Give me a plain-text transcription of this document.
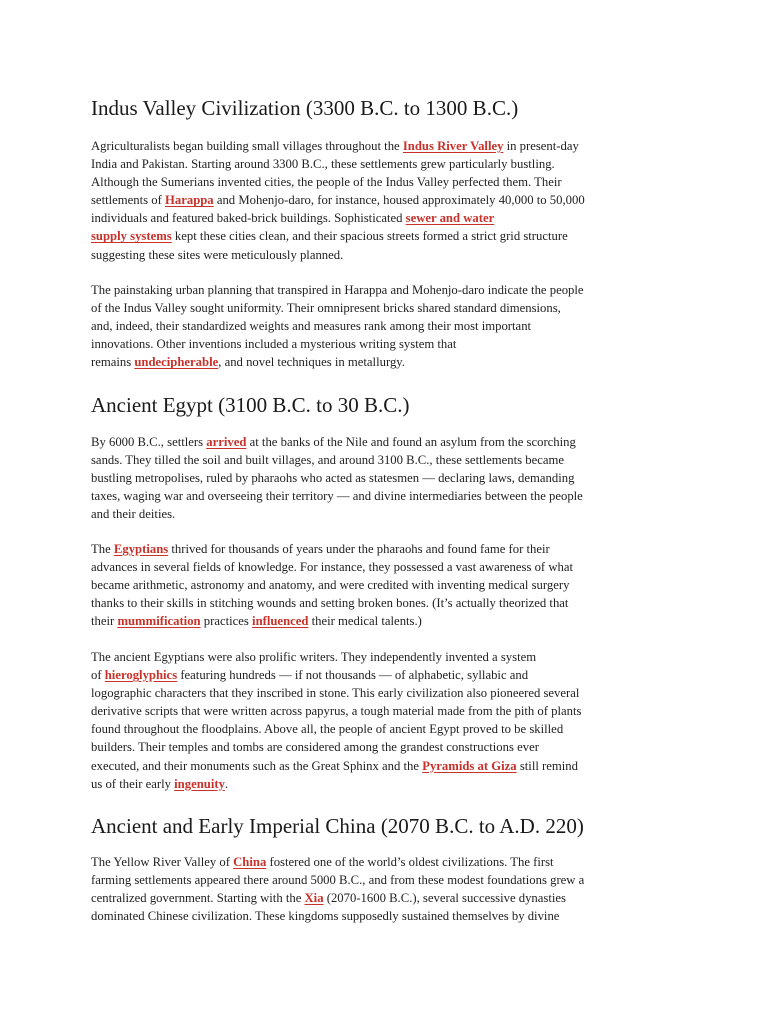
Indus Valley Civilization (3300 B.C. to 1300 B.C.)
Agriculturalists began building small villages throughout the Indus River Valley in present-day
India and Pakistan. Starting around 3300 B.C., these settlements grew particularly bustling.
Although the Sumerians invented cities, the people of the Indus Valley perfected them. Their
settlements of Harappa and Mohenjo-daro, for instance, housed approximately 40,000 to 50,000
individuals and featured baked-brick buildings. Sophisticated sewer and water
supply systems kept these cities clean, and their spacious streets formed a strict grid structure
suggesting these sites were meticulously planned.
The painstaking urban planning that transpired in Harappa and Mohenjo-daro indicate the people
of the Indus Valley sought uniformity. Their omnipresent bricks shared standard dimensions,
and, indeed, their standardized weights and measures rank among their most important
innovations. Other inventions included a mysterious writing system that
remains undecipherable, and novel techniques in metallurgy.
Ancient Egypt (3100 B.C. to 30 B.C.)
By 6000 B.C., settlers arrived at the banks of the Nile and found an asylum from the scorching
sands. They tilled the soil and built villages, and around 3100 B.C., these settlements became
bustling metropolises, ruled by pharaohs who acted as statesmen — declaring laws, demanding
taxes, waging war and overseeing their territory — and divine intermediaries between the people
and their deities.
The Egyptians thrived for thousands of years under the pharaohs and found fame for their
advances in several fields of knowledge. For instance, they possessed a vast awareness of what
became arithmetic, astronomy and anatomy, and were credited with inventing medical surgery
thanks to their skills in stitching wounds and setting broken bones. (It’s actually theorized that
their mummification practices influenced their medical talents.)
The ancient Egyptians were also prolific writers. They independently invented a system
of hieroglyphics featuring hundreds — if not thousands — of alphabetic, syllabic and
logographic characters that they inscribed in stone. This early civilization also pioneered several
derivative scripts that were written across papyrus, a tough material made from the pith of plants
found throughout the floodplains. Above all, the people of ancient Egypt proved to be skilled
builders. Their temples and tombs are considered among the grandest constructions ever
executed, and their monuments such as the Great Sphinx and the Pyramids at Giza still remind
us of their early ingenuity.
Ancient and Early Imperial China (2070 B.C. to A.D. 220)
The Yellow River Valley of China fostered one of the world’s oldest civilizations. The first
farming settlements appeared there around 5000 B.C., and from these modest foundations grew a
centralized government. Starting with the Xia (2070-1600 B.C.), several successive dynasties
dominated Chinese civilization. These kingdoms supposedly sustained themselves by divine
